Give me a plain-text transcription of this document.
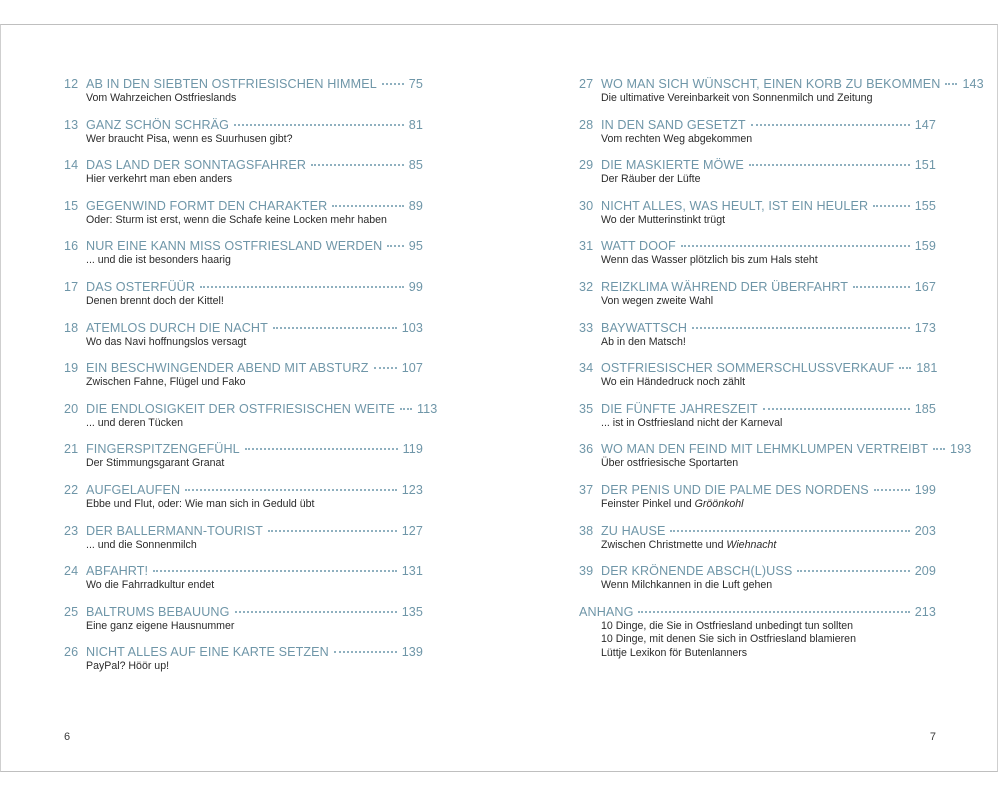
12 AB IN DEN SIEBTEN OSTFRIESISCHEN HIMMEL	75
Vom Wahrzeichen Ostfrieslands
13 GANZ SCHÖN SCHRÄG	81
Wer braucht Pisa, wenn es Suurhusen gibt?
14 DAS LAND DER SONNTAGSFAHRER	85
Hier verkehrt man eben anders
15 GEGENWIND FORMT DEN CHARAKTER	89
Oder: Sturm ist erst, wenn die Schafe keine Locken mehr haben
16 NUR EINE KANN MISS OSTFRIESLAND WERDEN 95
... und die ist besonders haarig
17 DAS OSTERFÜÜR	99
Denen brennt doch der Kittel!
18 ATEMLOS DURCH DIE NACHT	103
Wo das Navi hoffnungslos versagt
19 EIN BESCHWINGENDER ABEND MIT ABSTURZ	107
Zwischen Fahne, Flügel und Fako
20 DIE ENDLOSIGKEIT DER OSTFRIESISCHEN WEITE 113
... und deren Tücken
21 FINGERSPITZENGEFÜHL	119
Der Stimmungsgarant Granat
22 AUFGELAUFEN	123
Ebbe und Flut, oder: Wie man sich in Geduld übt
23 DER BALLERMANN-TOURIST	127
... und die Sonnenmilch
24 ABFAHRT!	131
Wo die Fahrradkultur endet
25 BALTRUMS BEBAUUNG	135
Eine ganz eigene Hausnummer
26 NICHT ALLES AUF EINE KARTE SETZEN	139
PayPal? Höör up!
6
27 WO MAN SICH WÜNSCHT, EINEN KORB ZU BEKOMMEN 143
Die ultimative Vereinbarkeit von Sonnenmilch und Zeitung
28 IN DEN SAND GESETZT	147
Vom rechten Weg abgekommen
29 DIE MASKIERTE MÖWE	151
Der Räuber der Lüfte
30 NICHT ALLES, WAS HEULT, IST EIN HEULER	155
Wo der Mutterinstinkt trügt
31 WATT DOOF	159
Wenn das Wasser plötzlich bis zum Hals steht
32 REIZKLIMA WÄHREND DER ÜBERFAHRT	167
Von wegen zweite Wahl
33 BAYWATTSCH	173
Ab in den Matsch!
34 OSTFRIESISCHER SOMMERSCHLUSSVERKAUF 181
Wo ein Händedruck noch zählt
35 DIE FÜNFTE JAHRESZEIT	185
... ist in Ostfriesland nicht der Karneval
36 WO MAN DEN FEIND MIT LEHMKLUMPEN VERTREIBT 193
Über ostfriesische Sportarten
37 DER PENIS UND DIE PALME DES NORDENS	199
Feinster Pinkel und Gröönkohl
38 ZU HAUSE	203
Zwischen Christmette und Wiehnacht
39 DER KRÖNENDE ABSCH(L)USS	209
Wenn Milchkannen in die Luft gehen
ANHANG	213
10 Dinge, die Sie in Ostfriesland unbedingt tun sollten
10 Dinge, mit denen Sie sich in Ostfriesland blamieren
Lüttje Lexikon för Butenlanners
7
